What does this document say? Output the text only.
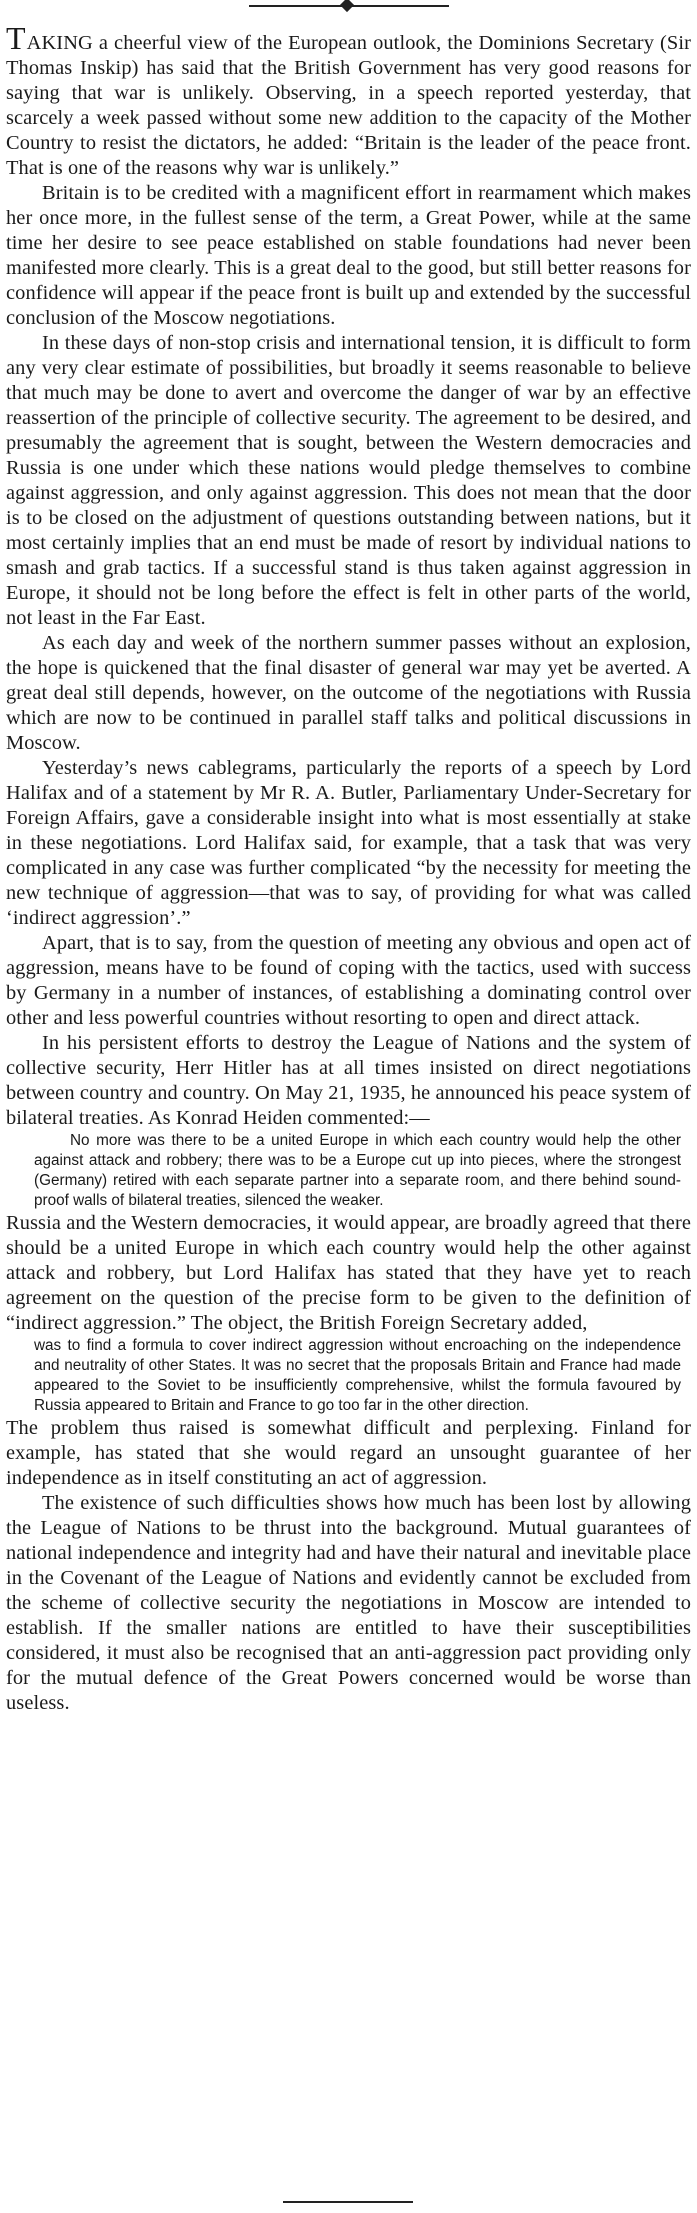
TAKING a cheerful view of the European outlook, the Dominions Secretary (Sir Thomas Inskip) has said that the British Government has very good reasons for saying that war is unlikely. Observing, in a speech reported yesterday, that scarcely a week passed without some new addition to the capacity of the Mother Country to resist the dictators, he added: “Britain is the leader of the peace front. That is one of the reasons why war is unlikely.”

Britain is to be credited with a magnificent effort in rearmament which makes her once more, in the fullest sense of the term, a Great Power, while at the same time her desire to see peace established on stable foundations had never been manifested more clearly. This is a great deal to the good, but still better reasons for confidence will appear if the peace front is built up and extended by the successful conclusion of the Moscow negotiations.

In these days of non-stop crisis and international tension, it is difficult to form any very clear estimate of possibilities, but broadly it seems reasonable to believe that much may be done to avert and overcome the danger of war by an effective reassertion of the principle of collective security. The agreement to be desired, and presumably the agreement that is sought, between the Western democracies and Russia is one under which these nations would pledge themselves to combine against aggression, and only against aggression. This does not mean that the door is to be closed on the adjustment of questions outstanding between nations, but it most certainly implies that an end must be made of resort by individual nations to smash and grab tactics. If a successful stand is thus taken against aggression in Europe, it should not be long before the effect is felt in other parts of the world, not least in the Far East.

As each day and week of the northern summer passes without an explosion, the hope is quickened that the final disaster of general war may yet be averted. A great deal still depends, however, on the outcome of the negotiations with Russia which are now to be continued in parallel staff talks and political discussions in Moscow.

Yesterday’s news cablegrams, particularly the reports of a speech by Lord Halifax and of a statement by Mr R. A. Butler, Parliamentary Under-Secretary for Foreign Affairs, gave a considerable insight into what is most essentially at stake in these negotiations. Lord Halifax said, for example, that a task that was very complicated in any case was further complicated “by the necessity for meeting the new technique of aggression—that was to say, of providing for what was called ‘indirect aggression’.”

Apart, that is to say, from the question of meeting any obvious and open act of aggression, means have to be found of coping with the tactics, used with success by Germany in a number of instances, of establishing a dominating control over other and less powerful countries without resorting to open and direct attack.

In his persistent efforts to destroy the League of Nations and the system of collective security, Herr Hitler has at all times insisted on direct negotiations between country and country. On May 21, 1935, he announced his peace system of bilateral treaties. As Konrad Heiden commented:—

No more was there to be a united Europe in which each country would help the other against attack and robbery; there was to be a Europe cut up into pieces, where the strongest (Germany) retired with each separate partner into a separate room, and there behind sound-proof walls of bilateral treaties, silenced the weaker.

Russia and the Western democracies, it would appear, are broadly agreed that there should be a united Europe in which each country would help the other against attack and robbery, but Lord Halifax has stated that they have yet to reach agreement on the question of the precise form to be given to the definition of “indirect aggression.” The object, the British Foreign Secretary added,

was to find a formula to cover indirect aggression without encroaching on the independence and neutrality of other States. It was no secret that the proposals Britain and France had made appeared to the Soviet to be insufficiently comprehensive, whilst the formula favoured by Russia appeared to Britain and France to go too far in the other direction.

The problem thus raised is somewhat difficult and perplexing. Finland for example, has stated that she would regard an unsought guarantee of her independence as in itself constituting an act of aggression.

The existence of such difficulties shows how much has been lost by allowing the League of Nations to be thrust into the background. Mutual guarantees of national independence and integrity had and have their natural and inevitable place in the Covenant of the League of Nations and evidently cannot be excluded from the scheme of collective security the negotiations in Moscow are intended to establish. If the smaller nations are entitled to have their susceptibilities considered, it must also be recognised that an anti-aggression pact providing only for the mutual defence of the Great Powers concerned would be worse than useless.
